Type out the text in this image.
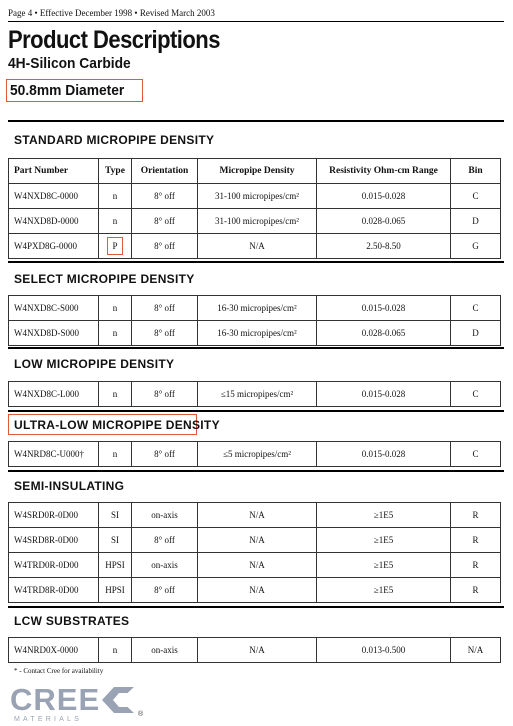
Page 4 • Effective December 1998 • Revised March 2003
Product Descriptions
4H-Silicon Carbide
50.8mm Diameter
STANDARD MICROPIPE DENSITY
Part Number	Type	Orientation	Micropipe Density	Resistivity Ohm-cm Range	Bin
W4NXD8C-0000	n	8° off	31-100 micropipes/cm²	0.015-0.028	C
W4NXD8D-0000	n	8° off	31-100 micropipes/cm²	0.028-0.065	D
W4PXD8G-0000	P	8° off	N/A	2.50-8.50	G
SELECT MICROPIPE DENSITY
W4NXD8C-S000	n	8° off	16-30 micropipes/cm²	0.015-0.028	C
W4NXD8D-S000	n	8° off	16-30 micropipes/cm²	0.028-0.065	D
LOW MICROPIPE DENSITY
W4NXD8C-L000	n	8° off	≤15 micropipes/cm²	0.015-0.028	C
ULTRA-LOW MICROPIPE DENSITY
W4NRD8C-U000†	n	8° off	≤5 micropipes/cm²	0.015-0.028	C
SEMI-INSULATING
W4SRD0R-0D00	SI	on-axis	N/A	≥1E5	R
W4SRD8R-0D00	SI	8° off	N/A	≥1E5	R
W4TRD0R-0D00	HPSI	on-axis	N/A	≥1E5	R
W4TRD8R-0D00	HPSI	8° off	N/A	≥1E5	R
LCW SUBSTRATES
W4NRD0X-0000	n	on-axis	N/A	0.013-0.500	N/A
* - Contact Cree for availability
CREE	®
MATERIALS
